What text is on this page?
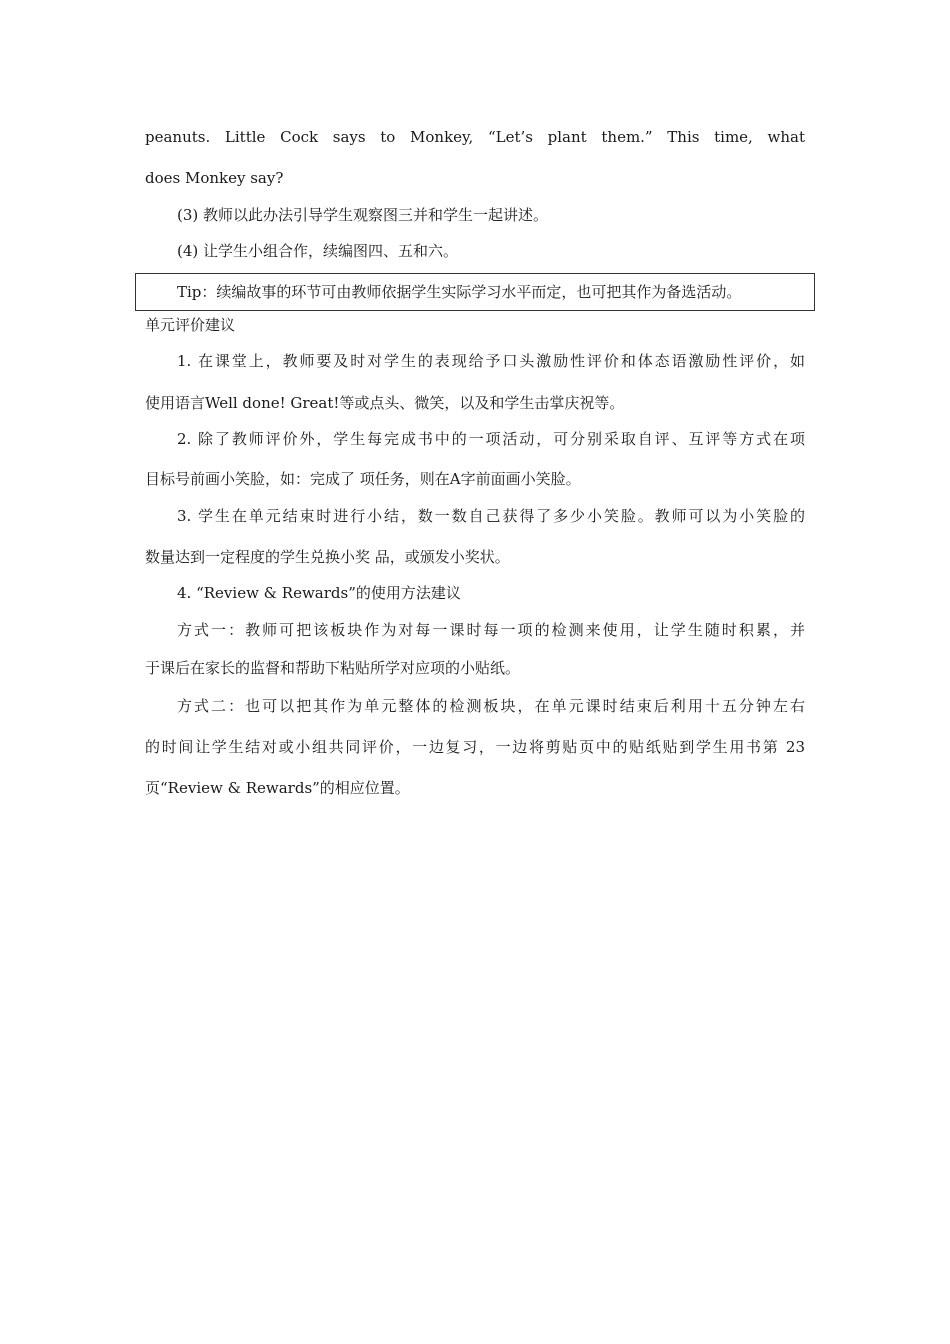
peanuts. Little Cock says to Monkey, “Let’s plant them.” This time, what
does Monkey say?
(3) 教师以此办法引导学生观察图三并和学生一起讲述。
(4) 让学生小组合作，续编图四、五和六。
Tip：续编故事的环节可由教师依据学生实际学习水平而定，也可把其作为备选活动。
单元评价建议
1. 在课堂上，教师要及时对学生的表现给予口头激励性评价和体态语激励性评价，如
使用语言Well done! Great!等或点头、微笑，以及和学生击掌庆祝等。
2. 除了教师评价外，学生每完成书中的一项活动，可分别采取自评、互评等方式在项
目标号前画小笑脸，如：完成了 项任务，则在A字前面画小笑脸。
3. 学生在单元结束时进行小结，数一数自己获得了多少小笑脸。教师可以为小笑脸的
数量达到一定程度的学生兑换小奖 品，或颁发小奖状。
4. “Review & Rewards”的使用方法建议
方式一：教师可把该板块作为对每一课时每一项的检测来使用，让学生随时积累，并
于课后在家长的监督和帮助下粘贴所学对应项的小贴纸。
方式二：也可以把其作为单元整体的检测板块，在单元课时结束后利用十五分钟左右
的时间让学生结对或小组共同评价，一边复习，一边将剪贴页中的贴纸贴到学生用书第 23
页“Review & Rewards”的相应位置。
